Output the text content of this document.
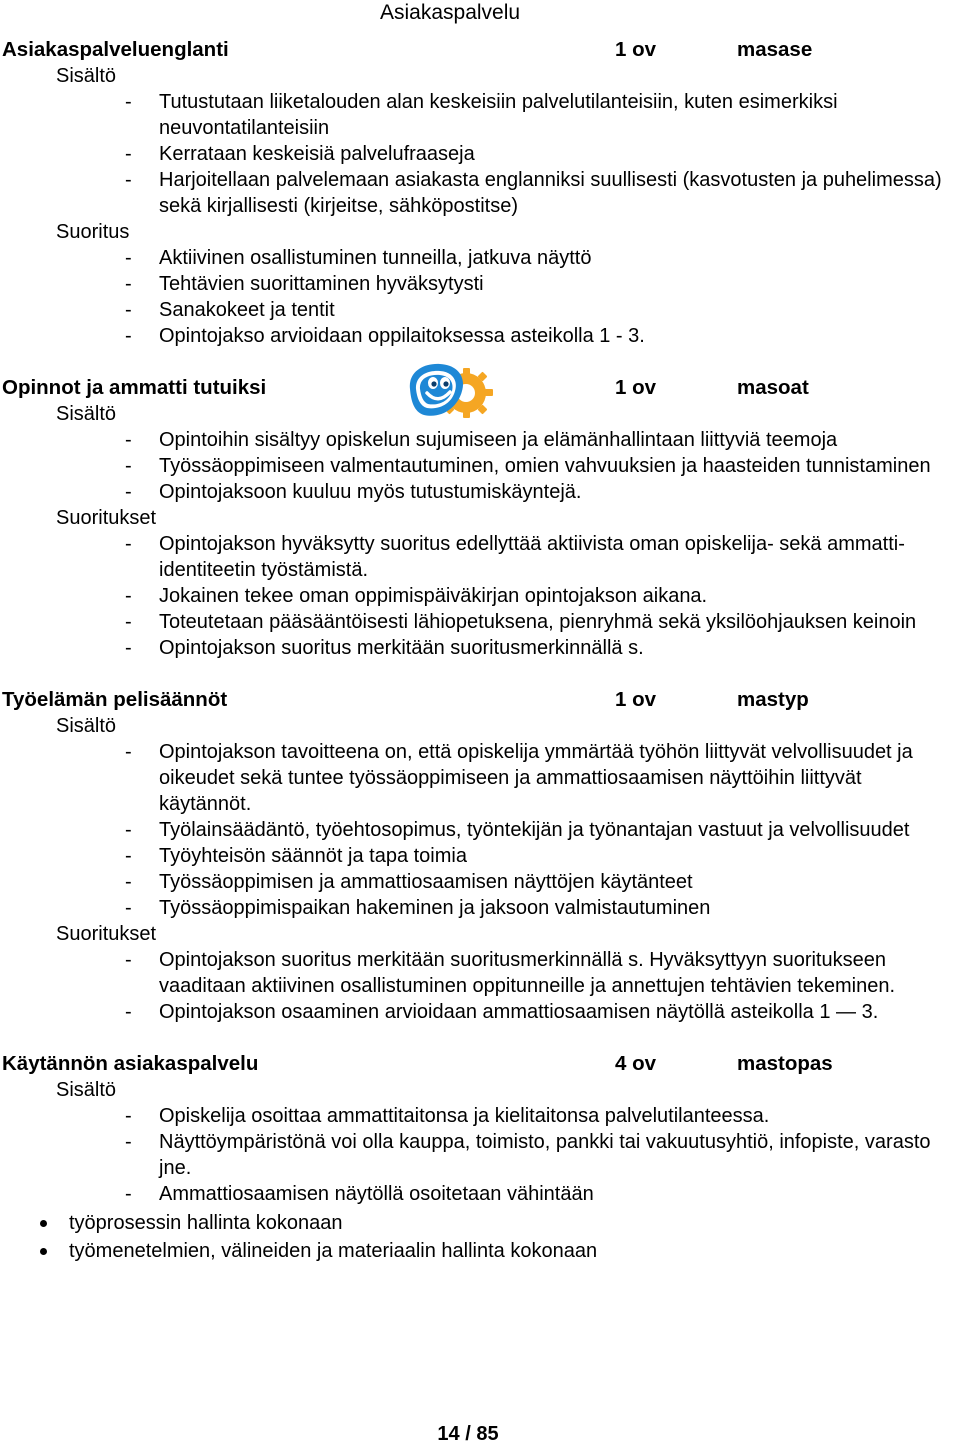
Asiakaspalvelu
Asiakaspalveluenglanti	1 ov	masase
Sisältö
- Tutustutaan liiketalouden alan keskeisiin palvelutilanteisiin, kuten esimerkiksi neuvontatilanteisiin
- Kerrataan keskeisiä palvelufraaseja
- Harjoitellaan palvelemaan asiakasta englanniksi suullisesti (kasvotusten ja puhelimessa) sekä kirjallisesti (kirjeitse, sähköpostitse)
Suoritus
- Aktiivinen osallistuminen tunneilla, jatkuva näyttö
- Tehtävien suorittaminen hyväksytysti
- Sanakokeet ja tentit
- Opintojakso arvioidaan oppilaitoksessa asteikolla 1 - 3.
Opinnot ja ammatti tutuiksi	1 ov	masoat
Sisältö
- Opintoihin sisältyy opiskelun sujumiseen ja elämänhallintaan liittyviä teemoja
- Työssäoppimiseen valmentautuminen, omien vahvuuksien ja haasteiden tunnistaminen
- Opintojaksoon kuuluu myös tutustumiskäyntejä.
Suoritukset
- Opintojakson hyväksytty suoritus edellyttää aktiivista oman opiskelija- sekä ammatti-identiteetin työstämistä.
- Jokainen tekee oman oppimispäiväkirjan opintojakson aikana.
- Toteutetaan pääsääntöisesti lähiopetuksena, pienryhmä sekä yksilöohjauksen keinoin
- Opintojakson suoritus merkitään suoritusmerkinnällä s.
Työelämän pelisäännöt	1 ov	mastyp
Sisältö
- Opintojakson tavoitteena on, että opiskelija ymmärtää työhön liittyvät velvollisuudet ja oikeudet sekä tuntee työssäoppimiseen ja ammattiosaamisen näyttöihin liittyvät käytännöt.
- Työlainsäädäntö, työehtosopimus, työntekijän ja työnantajan vastuut ja velvollisuudet
- Työyhteisön säännöt ja tapa toimia
- Työssäoppimisen ja ammattiosaamisen näyttöjen käytänteet
- Työssäoppimispaikan hakeminen ja jaksoon valmistautuminen
Suoritukset
- Opintojakson suoritus merkitään suoritusmerkinnällä s. Hyväksyttyyn suoritukseen vaaditaan aktiivinen osallistuminen oppitunneille ja annettujen tehtävien tekeminen.
- Opintojakson osaaminen arvioidaan ammattiosaamisen näytöllä asteikolla 1 — 3.
Käytännön asiakaspalvelu	4 ov	mastopas
Sisältö
- Opiskelija osoittaa ammattitaitonsa ja kielitaitonsa palvelutilanteessa.
- Näyttöympäristönä voi olla kauppa, toimisto, pankki tai vakuutusyhtiö, infopiste, varasto jne.
- Ammattiosaamisen näytöllä osoitetaan vähintään
työprosessin hallinta kokonaan
työmenetelmien, välineiden ja materiaalin hallinta kokonaan
14 / 85
